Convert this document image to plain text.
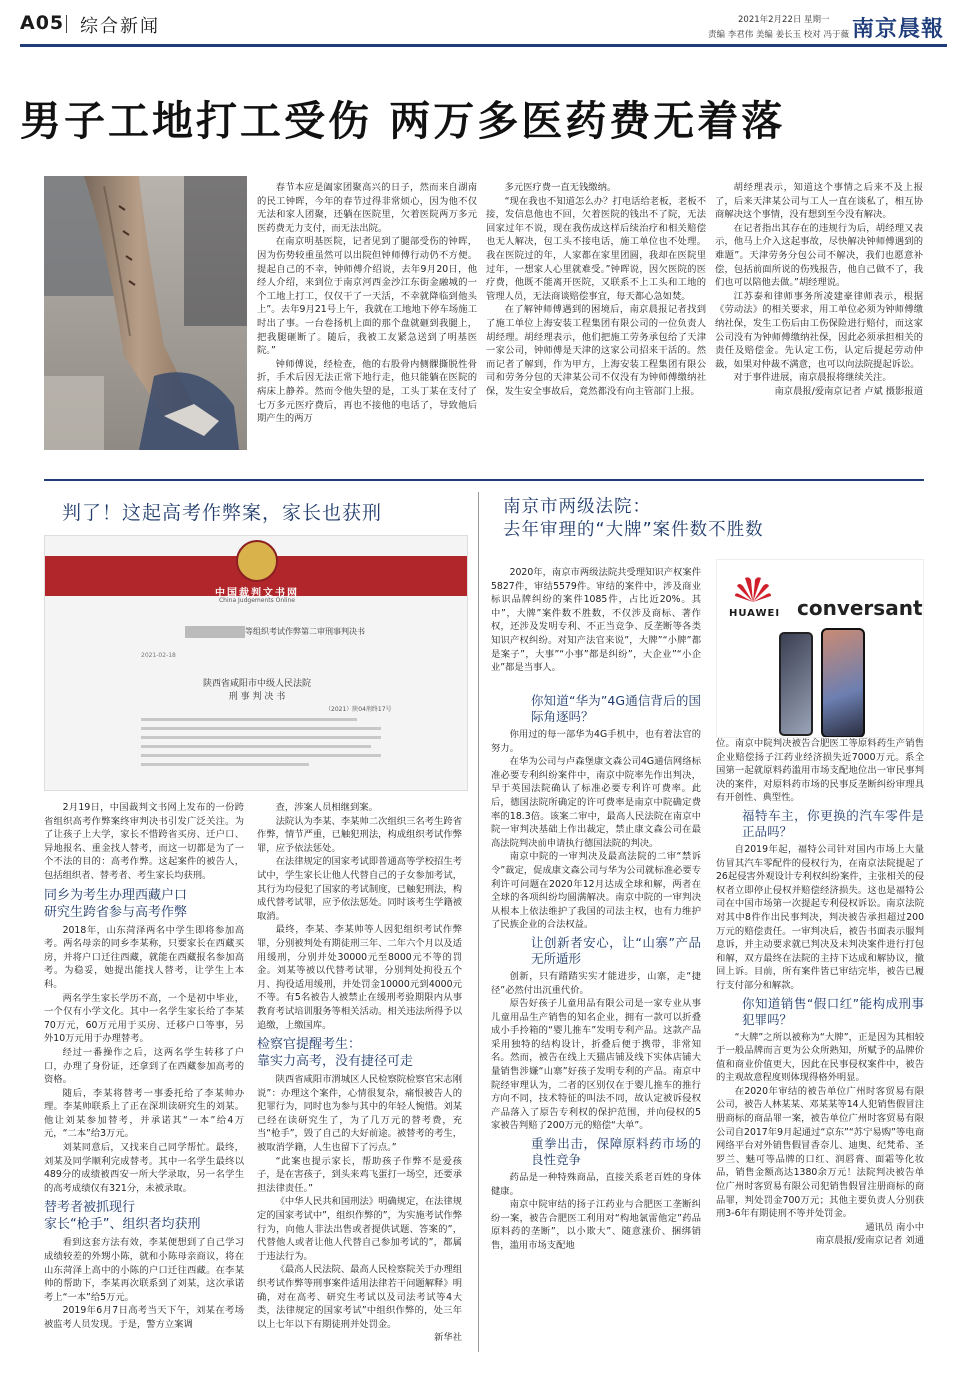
A05 综合新闻	2021年2月22日 星期一
责编 李君伟 美编 姜长玉 校对 冯于薇 南京晨報
男子工地打工受伤 两万多医药费无着落

春节本应是阖家团聚高兴的日子，然而来自湖南的民工钟晖，今年的春节过得非常烦心，因为他不仅无法和家人团聚，还躺在医院里，欠着医院两万多元医药费无力支付，而无法出院。

在南京明基医院，记者见到了腿部受伤的钟晖，因为伤势较重虽然可以出院但钟师傅行动仍不方便。提起自己的不幸，钟师傅介绍说，去年9月20日，他经人介绍，来到位于南京河西金沙江东街金融城的一个工地上打工，仅仅干了一天活，不幸就降临到他头上”。去年9月21号上午，我就在工地地下停车场施工时出了事。一台卷扬机上面的那个盘就砸到我腿上，把我腿砸断了。随后，我被工友紧急送到了明基医院。”

钟师傅说，经检查，他的右股骨内侧髁撕脱性骨折，手术后因无法正常下地行走，他只能躺在医院的病床上静养。然而令他失望的是，工头丁某在支付了七万多元医疗费后，再也不接他的电话了，导致他后期产生的两万

多元医疗费一直无钱缴纳。

“现在我也不知道怎么办？打电话给老板，老板不接，发信息他也不回，欠着医院的钱出不了院，无法回家过年不说，现在我伤成这样后续治疗和相关赔偿也无人解决，包工头不接电话，施工单位也不处理。我在医院过的年，人家都在家里团圆，我却在医院里过年，一想家人心里就难受。”钟晖说，因欠医院的医疗费，他既不能离开医院，又联系不上工头和工地的管理人员，无法商谈赔偿事宜，每天都心急如焚。

在了解钟师傅遇到的困境后，南京晨报记者找到了施工单位上海安装工程集团有限公司的一位负责人胡经理。胡经理表示，他们把施工劳务承包给了天津一家公司，钟师傅是天津的这家公司招来干活的。然而记者了解到，作为甲方，上海安装工程集团有限公司和劳务分包的天津某公司不仅没有为钟师傅缴纳社保，发生安全事故后，竟然都没有向主管部门上报。

胡经理表示，知道这个事情之后来不及上报了，后来天津某公司与工人一直在谈私了，相互协商解决这个事情，没有想到至今没有解决。

在记者指出其存在的违规行为后，胡经理又表示，他马上介入这起事故，尽快解决钟师傅遇到的难题”。天津劳务分包公司不解决，我们也愿意补偿，包括前面所说的伤残报告，他自己做不了，我们也可以陪他去做。”胡经理说。

江苏泰和律师事务所凌建豪律师表示，根据《劳动法》的相关要求，用工单位必须为钟师傅缴纳社保，发生工伤后由工伤保险进行赔付，而这家公司没有为钟师傅缴纳社保，因此必须承担相关的责任及赔偿金。先认定工伤，认定后提起劳动仲裁，如果对仲裁不满意，也可以向法院提起诉讼。

对于事件进展，南京晨报将继续关注。

南京晨报/爱南京记者 卢斌 摄影报道
判了！这起高考作弊案，家长也获刑
中国裁判文书网
China Judgements Online
等组织考试作弊第二审刑事判决书
2021-02-18
陕西省咸阳市中级人民法院
刑 事 判 决 书
（2021）陕04刑终17号

2月19日，中国裁判文书网上发布的一份跨省组织高考作弊案终审判决书引发广泛关注。为了让孩子上大学，家长不惜跨省买房、迁户口、异地报名、重金找人替考，而这一切都是为了一个不法的目的：高考作弊。这起案件的被告人，包括组织者、替考者、考生家长均获刑。

同乡为考生办理西藏户口
研究生跨省参与高考作弊

2018年，山东菏泽两名中学生即将参加高考。两名母亲的同乡李某称，只要家长在西藏买房，并将户口迁往西藏，就能在西藏报名参加高考。为稳妥，她提出能找人替考，让学生上本科。

两名学生家长学历不高，一个是初中毕业，一个仅有小学文化。其中一名学生家长给了李某70万元，60万元用于买房、迁移户口等事，另外10万元用于办理替考。

经过一番操作之后，这两名学生转移了户口，办理了身份证，还拿到了在西藏参加高考的资格。

随后，李某将替考一事委托给了李某帅办理。李某帅联系上了正在深圳读研究生的刘某。他让刘某参加替考，并承诺其“一本”给4万元，“二本”给3万元。

刘某同意后，又找来自己同学帮忙。最终，刘某及同学顺利完成替考。其中一名学生最终以489分的成绩被西安一所大学录取，另一名学生的高考成绩仅有321分，未被录取。

替考者被抓现行
家长“枪手”、组织者均获刑

看到这套方法有效，李某便想到了自己学习成绩较差的外甥小陈，就和小陈母亲商议，将在山东菏泽上高中的小陈的户口迁往西藏。在李某帅的帮助下，李某再次联系到了刘某，这次承诺考上“一本”给5万元。

2019年6月7日高考当天下午，刘某在考场被监考人员发现。于是，警方立案调

查，涉案人员相继到案。

法院认为李某、李某帅二次组织三名考生跨省作弊，情节严重，已触犯刑法，构成组织考试作弊罪，应予依法惩处。

在法律规定的国家考试即普通高等学校招生考试中，学生家长让他人代替自己的子女参加考试，其行为均侵犯了国家的考试制度，已触犯刑法，构成代替考试罪，应予依法惩处。同时该考生学籍被取消。

最终，李某、李某帅等人因犯组织考试作弊罪，分别被判处有期徒刑三年、二年六个月以及适用缓刑，分别并处30000元至8000元不等的罚金。刘某等被以代替考试罪，分别判处拘役五个月、拘役适用缓刑，并处罚金10000元到4000元不等。有5名被告人被禁止在缓刑考验期限内从事教育考试培训服务等相关活动。相关违法所得予以追缴，上缴国库。

检察官提醒考生：
靠实力高考，没有捷径可走

陕西省咸阳市渭城区人民检察院检察官宋志刚说”：办理这个案件，心情很复杂，痛恨被告人的犯罪行为，同时也为参与其中的年轻人惋惜。刘某已经在读研究生了，为了几万元的替考费，充当“枪手”，毁了自己的大好前途。被替考的考生，被取消学籍，人生也留下了污点。”

“此案也提示家长，帮助孩子作弊不是爱孩子，是在害孩子，到头来鸡飞蛋打一场空，还要承担法律责任。”

《中华人民共和国刑法》明确规定，在法律规定的国家考试中”，组织作弊的”，为实施考试作弊行为，向他人非法出售或者提供试题、答案的”，代替他人或者让他人代替自己参加考试的”，都属于违法行为。

《最高人民法院、最高人民检察院关于办理组织考试作弊等刑事案件适用法律若干问题解释》明确，对在高考、研究生考试以及司法考试等4大类，法律规定的国家考试”中组织作弊的，处三年以上七年以下有期徒刑并处罚金。

新华社
南京市两级法院：
去年审理的“大牌”案件数不胜数

2020年，南京市两级法院共受理知识产权案件5827件，审结5579件。审结的案件中，涉及商业标识品牌纠纷的案件1085件，占比近20%。其中”，大牌”案件数不胜数，不仅涉及商标、著作权，还涉及发明专利、不正当竞争、反垄断等各类知识产权纠纷。对知产法官来说”，大牌”“小牌”都是案子”，大事”“小事”都是纠纷”，大企业”“小企业”都是当事人。

HUAWEI conversant
你知道“华为”4G通信背后的国际角逐吗？

你用过的每一部华为4G手机中，也有着法官的努力。

在华为公司与卢森堡康文森公司4G通信网络标准必要专利纠纷案件中，南京中院率先作出判决，早于英国法院确认了标准必要专利许可费率。此后，德国法院所确定的许可费率是南京中院确定费率的18.3倍。该案二审中，最高人民法院在南京中院一审判决基础上作出裁定，禁止康文森公司在最高法院判决前申请执行德国法院的判决。

南京中院的一审判决及最高法院的二审“禁诉令”裁定，促成康文森公司与华为公司就标准必要专利许可问题在2020年12月达成全球和解，两者在全球的各项纠纷均圆满解决。南京中院的一审判决从根本上依法维护了我国的司法主权，也有力维护了民族企业的合法权益。

让创新者安心，让“山寨”产品无所遁形

创新，只有踏踏实实才能进步，山寨，走“捷径”必然付出沉重代价。

原告好孩子儿童用品有限公司是一家专业从事儿童用品生产销售的知名企业，拥有一款可以折叠成小手拎箱的“婴儿推车”发明专利产品。这款产品采用独特的结构设计，折叠后便于携带，非常知名。然而，被告在线上天猫店铺及线下实体店铺大量销售涉嫌“山寨”好孩子发明专利的产品。南京中院经审理认为，二者的区别仅在于婴儿推车的推行方向不同，技术特征的叫法不同，故认定被诉侵权产品落入了原告专利权的保护范围，并向侵权的5家被告判赔了200万元的赔偿“大单”。

重拳出击，保障原料药市场的良性竞争

药品是一种特殊商品，直接关系老百姓的身体健康。

南京中院审结的扬子江药业与合肥医工垄断纠纷一案，被告合肥医工利用对“构地氯雷他定”药品原料药的垄断”，以小欺大”、随意涨价、捆绑销售，滥用市场支配地

位。南京中院判决被告合肥医工等原料药生产销售企业赔偿扬子江药业经济损失近7000万元。系全国第一起就原料药滥用市场支配地位出一审民事判决的案件，对原料药市场的民事反垄断纠纷审理具有开创性、典型性。

福特车主，你更换的汽车零件是正品吗？

自2019年起，福特公司针对国内市场上大量仿冒其汽车零配件的侵权行为，在南京法院提起了26起侵害外观设计专利权纠纷案件，主张相关的侵权者立即停止侵权并赔偿经济损失。这也是福特公司在中国市场第一次提起专利侵权诉讼。南京法院对其中8件作出民事判决，判决被告承担超过200万元的赔偿责任。一审判决后，被告书面表示服判息诉，并主动要求就已判决及未判决案件进行打包和解，双方最终在法院的主持下达成和解协议，撤回上诉。目前，所有案件皆已审结完毕，被告已履行支付部分和解款。

你知道销售“假口红”能构成刑事犯罪吗？

“大牌”之所以被称为“大牌”，正是因为其相较于一般品牌而言更为公众所熟知，所赋予的品牌价值和商业价值更大，因此在民事侵权案件中，被告的主观故意程度则体现得格外明显。

在2020年审结的被告单位广州时客贸易有限公司，被告人林某某、邓某某等14人犯销售假冒注册商标的商品罪一案，被告单位广州时客贸易有限公司自2017年9月起通过“京东”“苏宁易购”等电商网络平台对外销售假冒香奈儿、迪奥、纪梵希、圣罗兰、魅可等品牌的口红、润唇膏、面霜等化妆品，销售金额高达1380余万元！法院判决被告单位广州时客贸易有限公司犯销售假冒注册商标的商品罪，判处罚金700万元；其他主要负责人分别获刑3-6年有期徒刑不等并处罚金。

通讯员 南小中
南京晨报/爱南京记者 刘通
